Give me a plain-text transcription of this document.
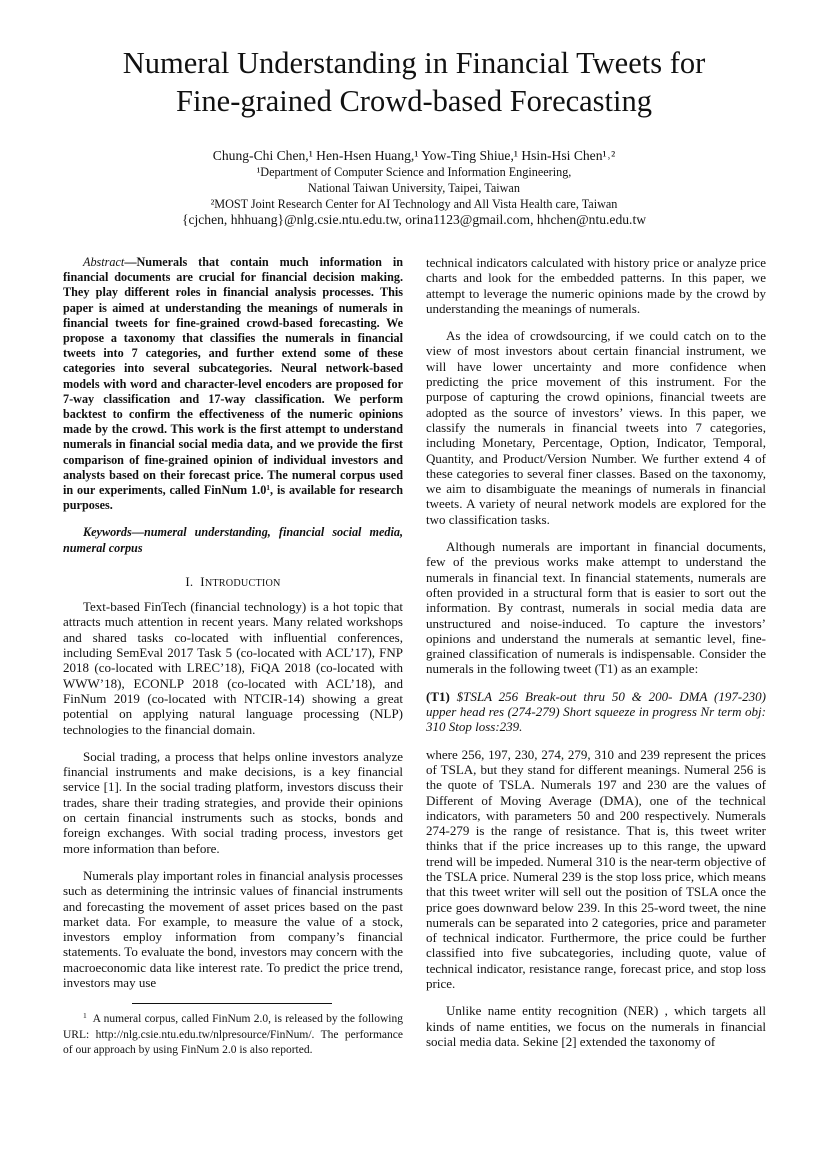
Numeral Understanding in Financial Tweets for
Fine-grained Crowd-based Forecasting
Chung-Chi Chen,¹ Hen-Hsen Huang,¹ Yow-Ting Shiue,¹ Hsin-Hsi Chen¹˒²
¹Department of Computer Science and Information Engineering,
National Taiwan University, Taipei, Taiwan
²MOST Joint Research Center for AI Technology and All Vista Health care, Taiwan
{cjchen, hhhuang}@nlg.csie.ntu.edu.tw, orina1123@gmail.com, hhchen@ntu.edu.tw

Abstract—Numerals that contain much information in financial documents are crucial for financial decision making. They play different roles in financial analysis processes. This paper is aimed at understanding the meanings of numerals in financial tweets for fine-grained crowd-based forecasting. We propose a taxonomy that classifies the numerals in financial tweets into 7 categories, and further extend some of these categories into several subcategories. Neural network-based models with word and character-level encoders are proposed for 7-way classification and 17-way classification. We perform backtest to confirm the effectiveness of the numeric opinions made by the crowd. This work is the first attempt to understand numerals in financial social media data, and we provide the first comparison of fine-grained opinion of individual investors and analysts based on their forecast price. The numeral corpus used in our experiments, called FinNum $1.0^1$, is available for research purposes.

Keywords—numeral understanding, financial social media, numeral corpus

I. INTRODUCTION

Text-based FinTech (financial technology) is a hot topic that attracts much attention in recent years. Many related workshops and shared tasks co-located with influential conferences, including SemEval 2017 Task 5 (co-located with ACL’17), FNP 2018 (co-located with LREC’18), FiQA 2018 (co-located with WWW’18), ECONLP 2018 (co-located with ACL’18), and FinNum 2019 (co-located with NTCIR-14) showing a great potential on applying natural language processing (NLP) technologies to the financial domain.

Social trading, a process that helps online investors analyze financial instruments and make decisions, is a key financial service [1]. In the social trading platform, investors discuss their trades, share their trading strategies, and provide their opinions on certain financial instruments such as stocks, bonds and foreign exchanges. With social trading process, investors get more information than before.

Numerals play important roles in financial analysis processes such as determining the intrinsic values of financial instruments and forecasting the movement of asset prices based on the past market data. For example, to measure the value of a stock, investors employ information from company’s financial statements. To evaluate the bond, investors may concern with the macroeconomic data like interest rate. To predict the price trend, investors may use

$^1$ A numeral corpus, called FinNum 2.0, is released by the following URL: http://nlg.csie.ntu.edu.tw/nlpresource/FinNum/. The performance of our approach by using FinNum 2.0 is also reported.

technical indicators calculated with history price or analyze price charts and look for the embedded patterns. In this paper, we attempt to leverage the numeric opinions made by the crowd by understanding the meanings of numerals.

As the idea of crowdsourcing, if we could catch on to the view of most investors about certain financial instrument, we will have lower uncertainty and more confidence when predicting the price movement of this instrument. For the purpose of capturing the crowd opinions, financial tweets are adopted as the source of investors’ views. In this paper, we classify the numerals in financial tweets into 7 categories, including Monetary, Percentage, Option, Indicator, Temporal, Quantity, and Product/Version Number. We further extend 4 of these categories to several finer classes. Based on the taxonomy, we aim to disambiguate the meanings of numerals in financial tweets. A variety of neural network models are explored for the two classification tasks.

Although numerals are important in financial documents, few of the previous works make attempt to understand the numerals in financial text. In financial statements, numerals are often provided in a structural form that is easier to sort out the information. By contrast, numerals in social media data are unstructured and noise-induced. To capture the investors’ opinions and understand the numerals at semantic level, fine-grained classification of numerals is indispensable. Consider the numerals in the following tweet (T1) as an example:

(T1) $TSLA 256 Break-out thru 50 & 200- DMA (197-230) upper head res (274-279) Short squeeze in progress Nr term obj: 310 Stop loss:239.

where 256, 197, 230, 274, 279, 310 and 239 represent the prices of TSLA, but they stand for different meanings. Numeral 256 is the quote of TSLA. Numerals 197 and 230 are the values of Different of Moving Average (DMA), one of the technical indicators, with parameters 50 and 200 respectively. Numerals 274-279 is the range of resistance. That is, this tweet writer thinks that if the price increases up to this range, the upward trend will be impeded. Numeral 310 is the near-term objective of the TSLA price. Numeral 239 is the stop loss price, which means that this tweet writer will sell out the position of TSLA once the price goes downward below 239. In this 25-word tweet, the nine numerals can be separated into 2 categories, price and parameter of technical indicator. Furthermore, the price could be further classified into five subcategories, including quote, value of technical indicator, resistance range, forecast price, and stop loss price.

Unlike name entity recognition (NER) , which targets all kinds of name entities, we focus on the numerals in financial social media data. Sekine [2] extended the taxonomy of
